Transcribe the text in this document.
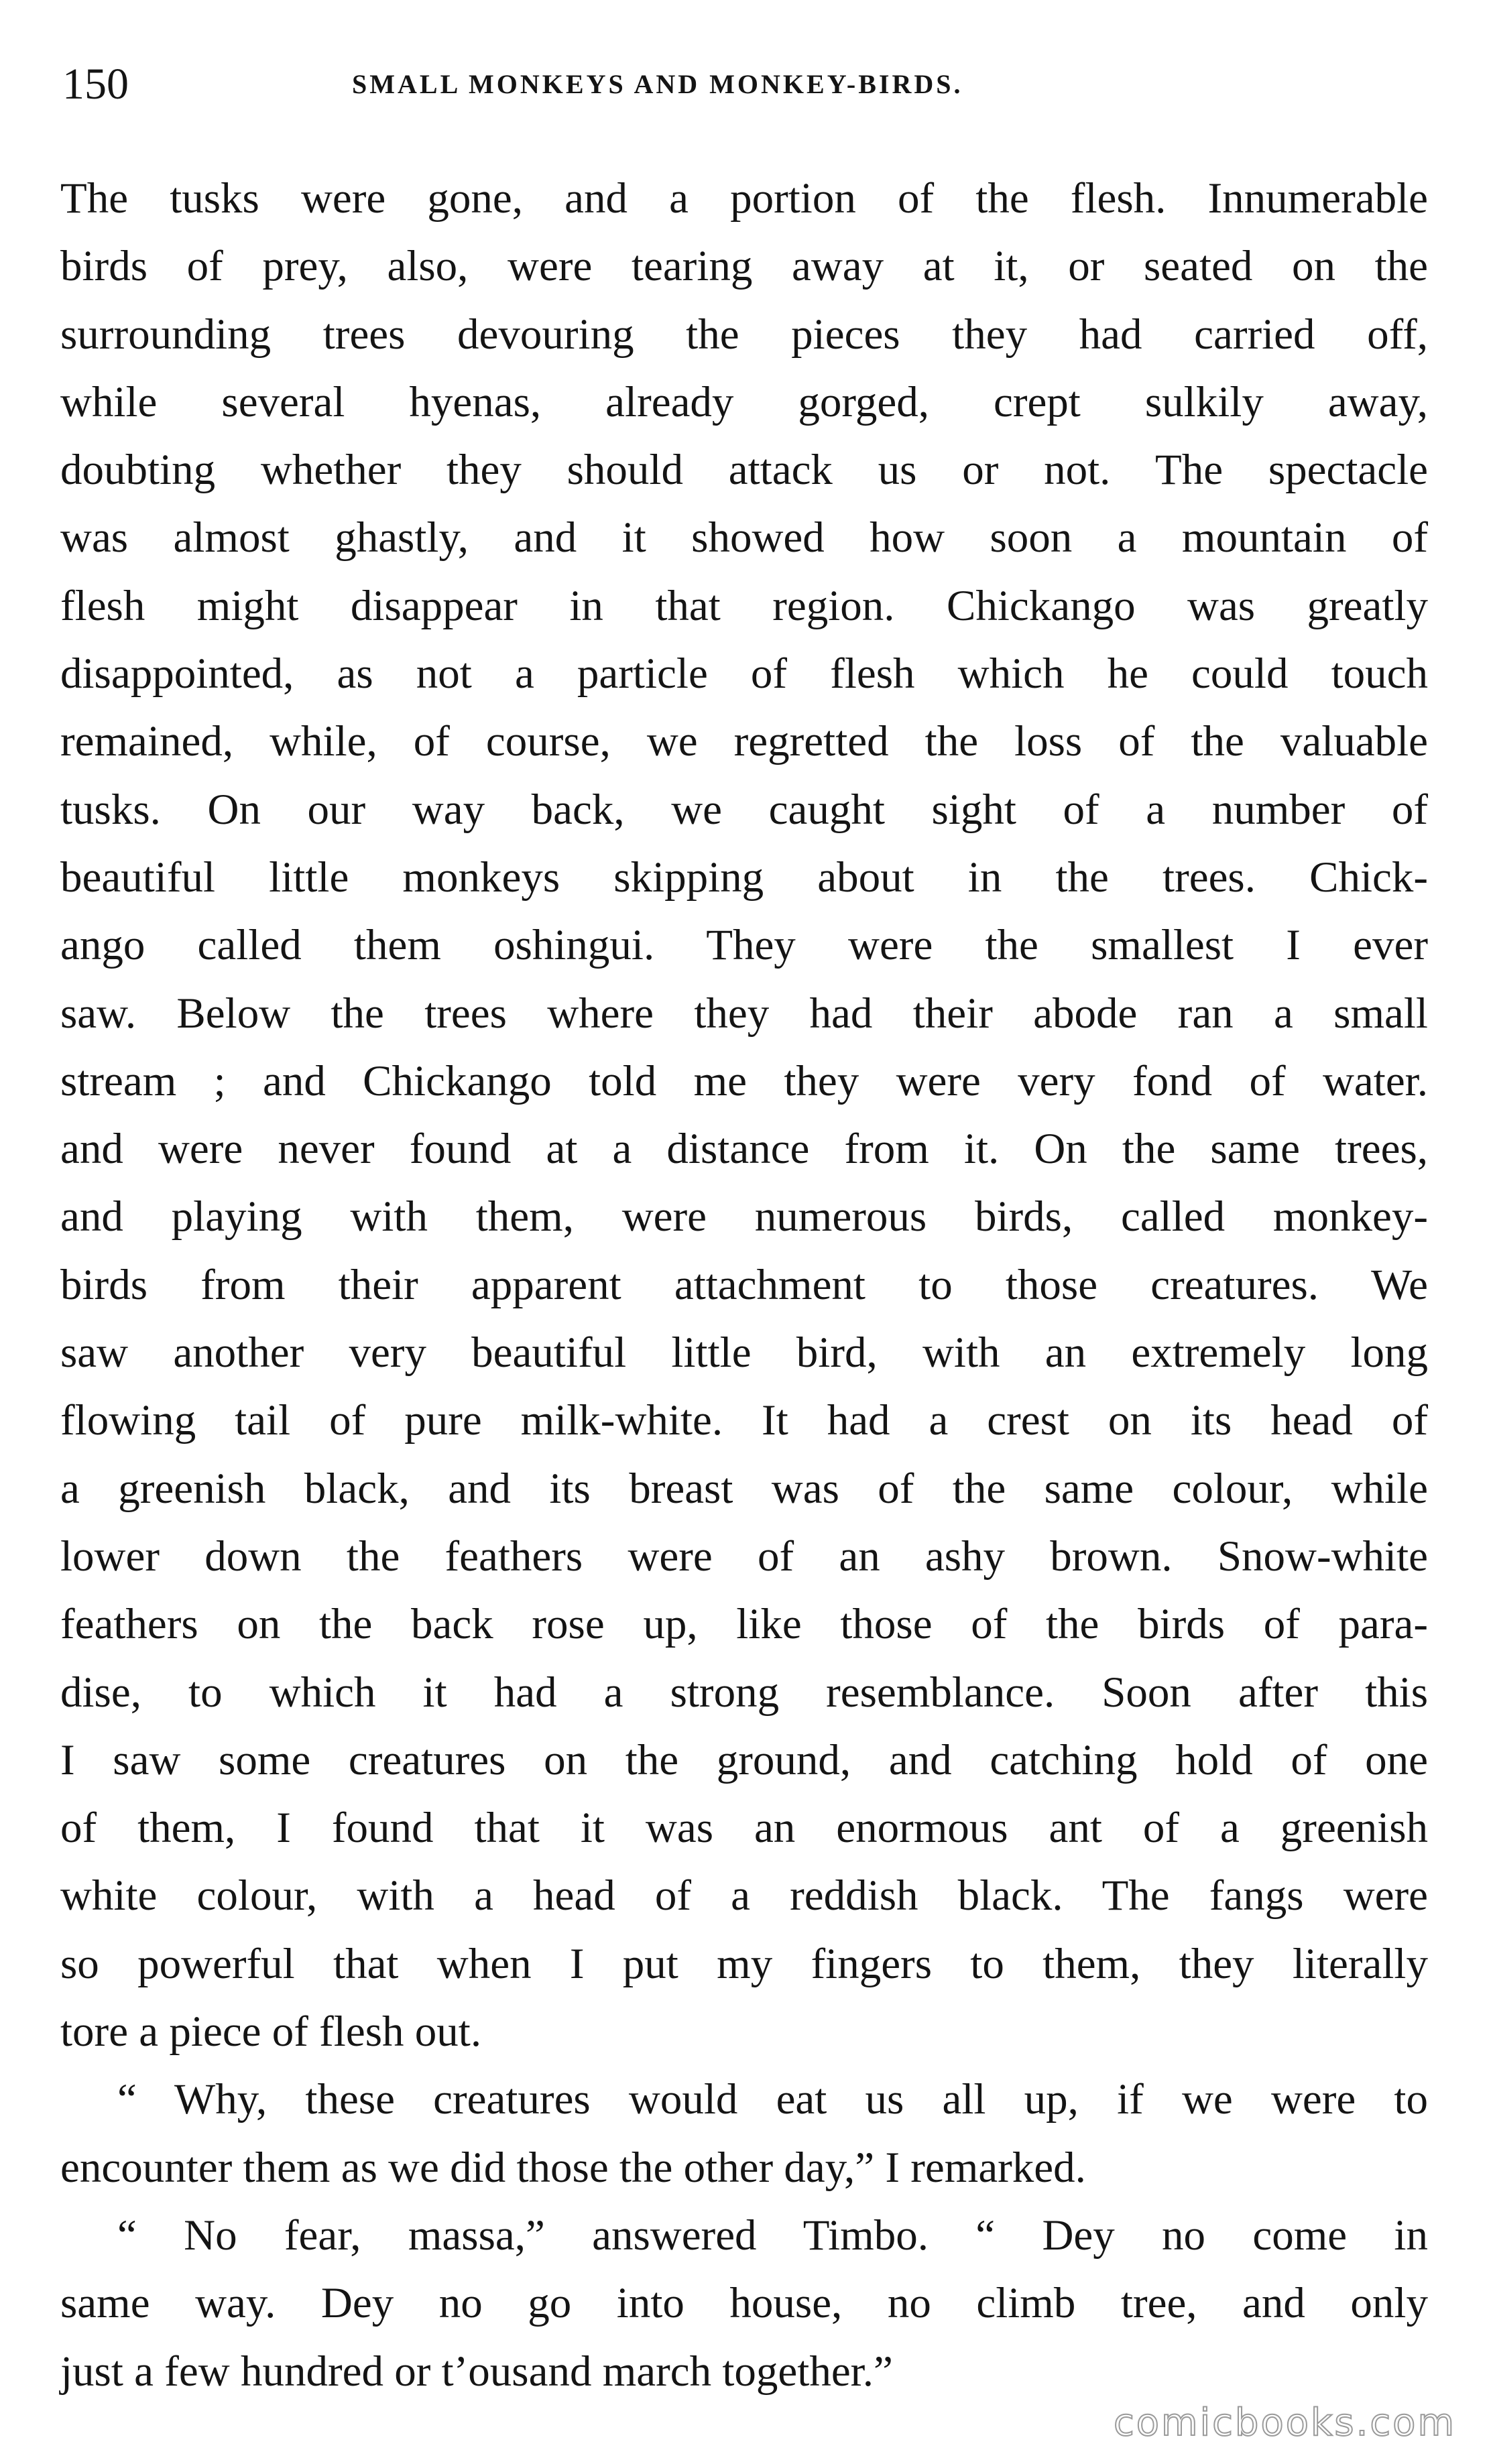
150	SMALL MONKEYS AND MONKEY-BIRDS.
The tusks were gone, and a portion of the flesh. Innumerable
birds of prey, also, were tearing away at it, or seated on the
surrounding trees devouring the pieces they had carried off,
while several hyenas, already gorged, crept sulkily away,
doubting whether they should attack us or not. The spectacle
was almost ghastly, and it showed how soon a mountain of
flesh might disappear in that region. Chickango was greatly
disappointed, as not a particle of flesh which he could touch
remained, while, of course, we regretted the loss of the valuable
tusks. On our way back, we caught sight of a number of
beautiful little monkeys skipping about in the trees. Chick-
ango called them oshingui. They were the smallest I ever
saw. Below the trees where they had their abode ran a small
stream ; and Chickango told me they were very fond of water.
and were never found at a distance from it. On the same trees,
and playing with them, were numerous birds, called monkey-
birds from their apparent attachment to those creatures. We
saw another very beautiful little bird, with an extremely long
flowing tail of pure milk-white. It had a crest on its head of
a greenish black, and its breast was of the same colour, while
lower down the feathers were of an ashy brown. Snow-white
feathers on the back rose up, like those of the birds of para-
dise, to which it had a strong resemblance. Soon after this
I saw some creatures on the ground, and catching hold of one
of them, I found that it was an enormous ant of a greenish
white colour, with a head of a reddish black. The fangs were
so powerful that when I put my fingers to them, they literally
tore a piece of flesh out.
“ Why, these creatures would eat us all up, if we were to
encounter them as we did those the other day,” I remarked.
“ No fear, massa,” answered Timbo. “ Dey no come in
same way. Dey no go into house, no climb tree, and only
just a few hundred or t’ousand march together.”
comicbooks.com
